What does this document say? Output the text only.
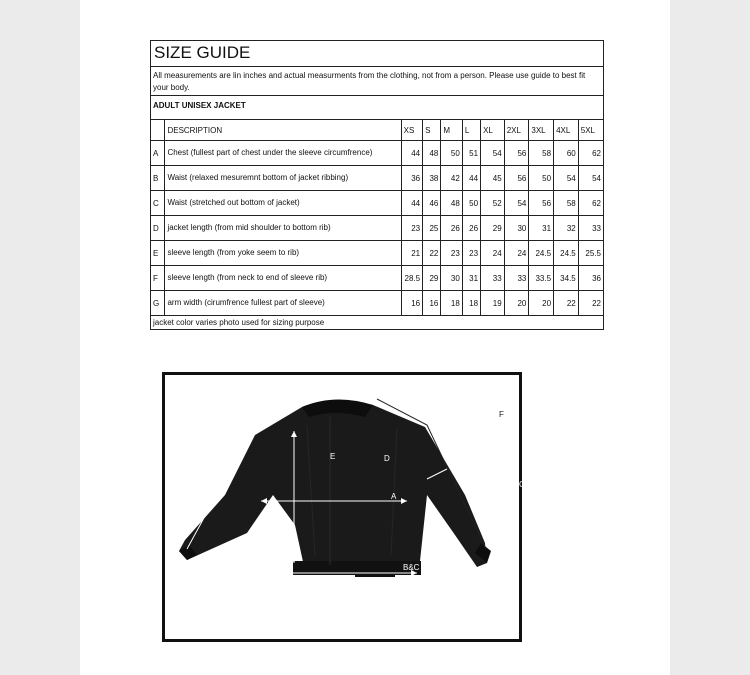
SIZE GUIDE
All measurements are lin inches and actual measurments from the clothing, not from a person. Please use guide to best fit your body.
ADULT UNISEX JACKET
	DESCRIPTION	XS	S	M	L	XL	2XL	3XL	4XL	5XL
A	Chest (fullest part of chest under the sleeve circumfrence)	44	48	50	51	54	56	58	60	62
B	Waist (relaxed mesuremnt bottom of jacket ribbing)	36	38	42	44	45	56	50	54	54
C	Waist (stretched out bottom of jacket)	44	46	48	50	52	54	56	58	62
D	jacket length (from mid shoulder to bottom rib)	23	25	26	26	29	30	31	32	33
E	sleeve length (from yoke seem to rib)	21	22	23	23	24	24	24.5	24.5	25.5
F	sleeve length (from neck to end of sleeve rib)	28.5	29	30	31	33	33	33.5	34.5	36
G	arm width (cirumfrence fullest part of sleeve)	16	16	18	18	19	20	20	22	22
jacket color varies photo used for sizing purpose
A
B&C
D
E
F
G
